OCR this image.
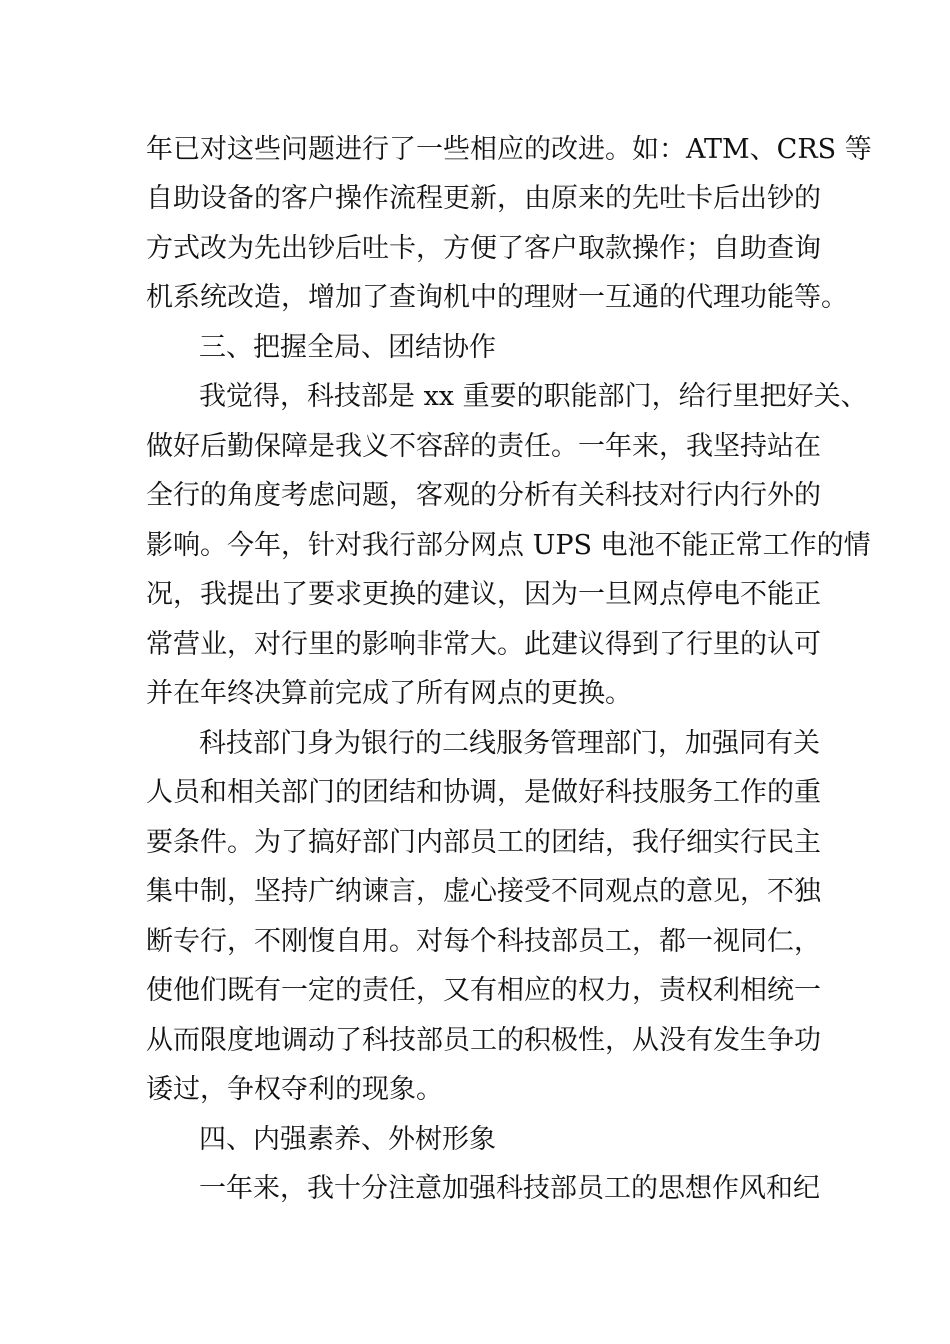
年已对这些问题进行了一些相应的改进。如：ATM、CRS 等

自助设备的客户操作流程更新，由原来的先吐卡后出钞的

方式改为先出钞后吐卡，方便了客户取款操作；自助查询

机系统改造，增加了查询机中的理财一互通的代理功能等。

三、把握全局、团结协作

我觉得，科技部是 xx 重要的职能部门，给行里把好关、

做好后勤保障是我义不容辞的责任。一年来，我坚持站在

全行的角度考虑问题，客观的分析有关科技对行内行外的

影响。今年，针对我行部分网点 UPS 电池不能正常工作的情

况，我提出了要求更换的建议，因为一旦网点停电不能正

常营业，对行里的影响非常大。此建议得到了行里的认可

并在年终决算前完成了所有网点的更换。

科技部门身为银行的二线服务管理部门，加强同有关

人员和相关部门的团结和协调，是做好科技服务工作的重

要条件。为了搞好部门内部员工的团结，我仔细实行民主

集中制，坚持广纳谏言，虚心接受不同观点的意见，不独

断专行，不刚愎自用。对每个科技部员工，都一视同仁，

使他们既有一定的责任，又有相应的权力，责权利相统一

从而限度地调动了科技部员工的积极性，从没有发生争功

诿过，争权夺利的现象。

四、内强素养、外树形象

一年来，我十分注意加强科技部员工的思想作风和纪
